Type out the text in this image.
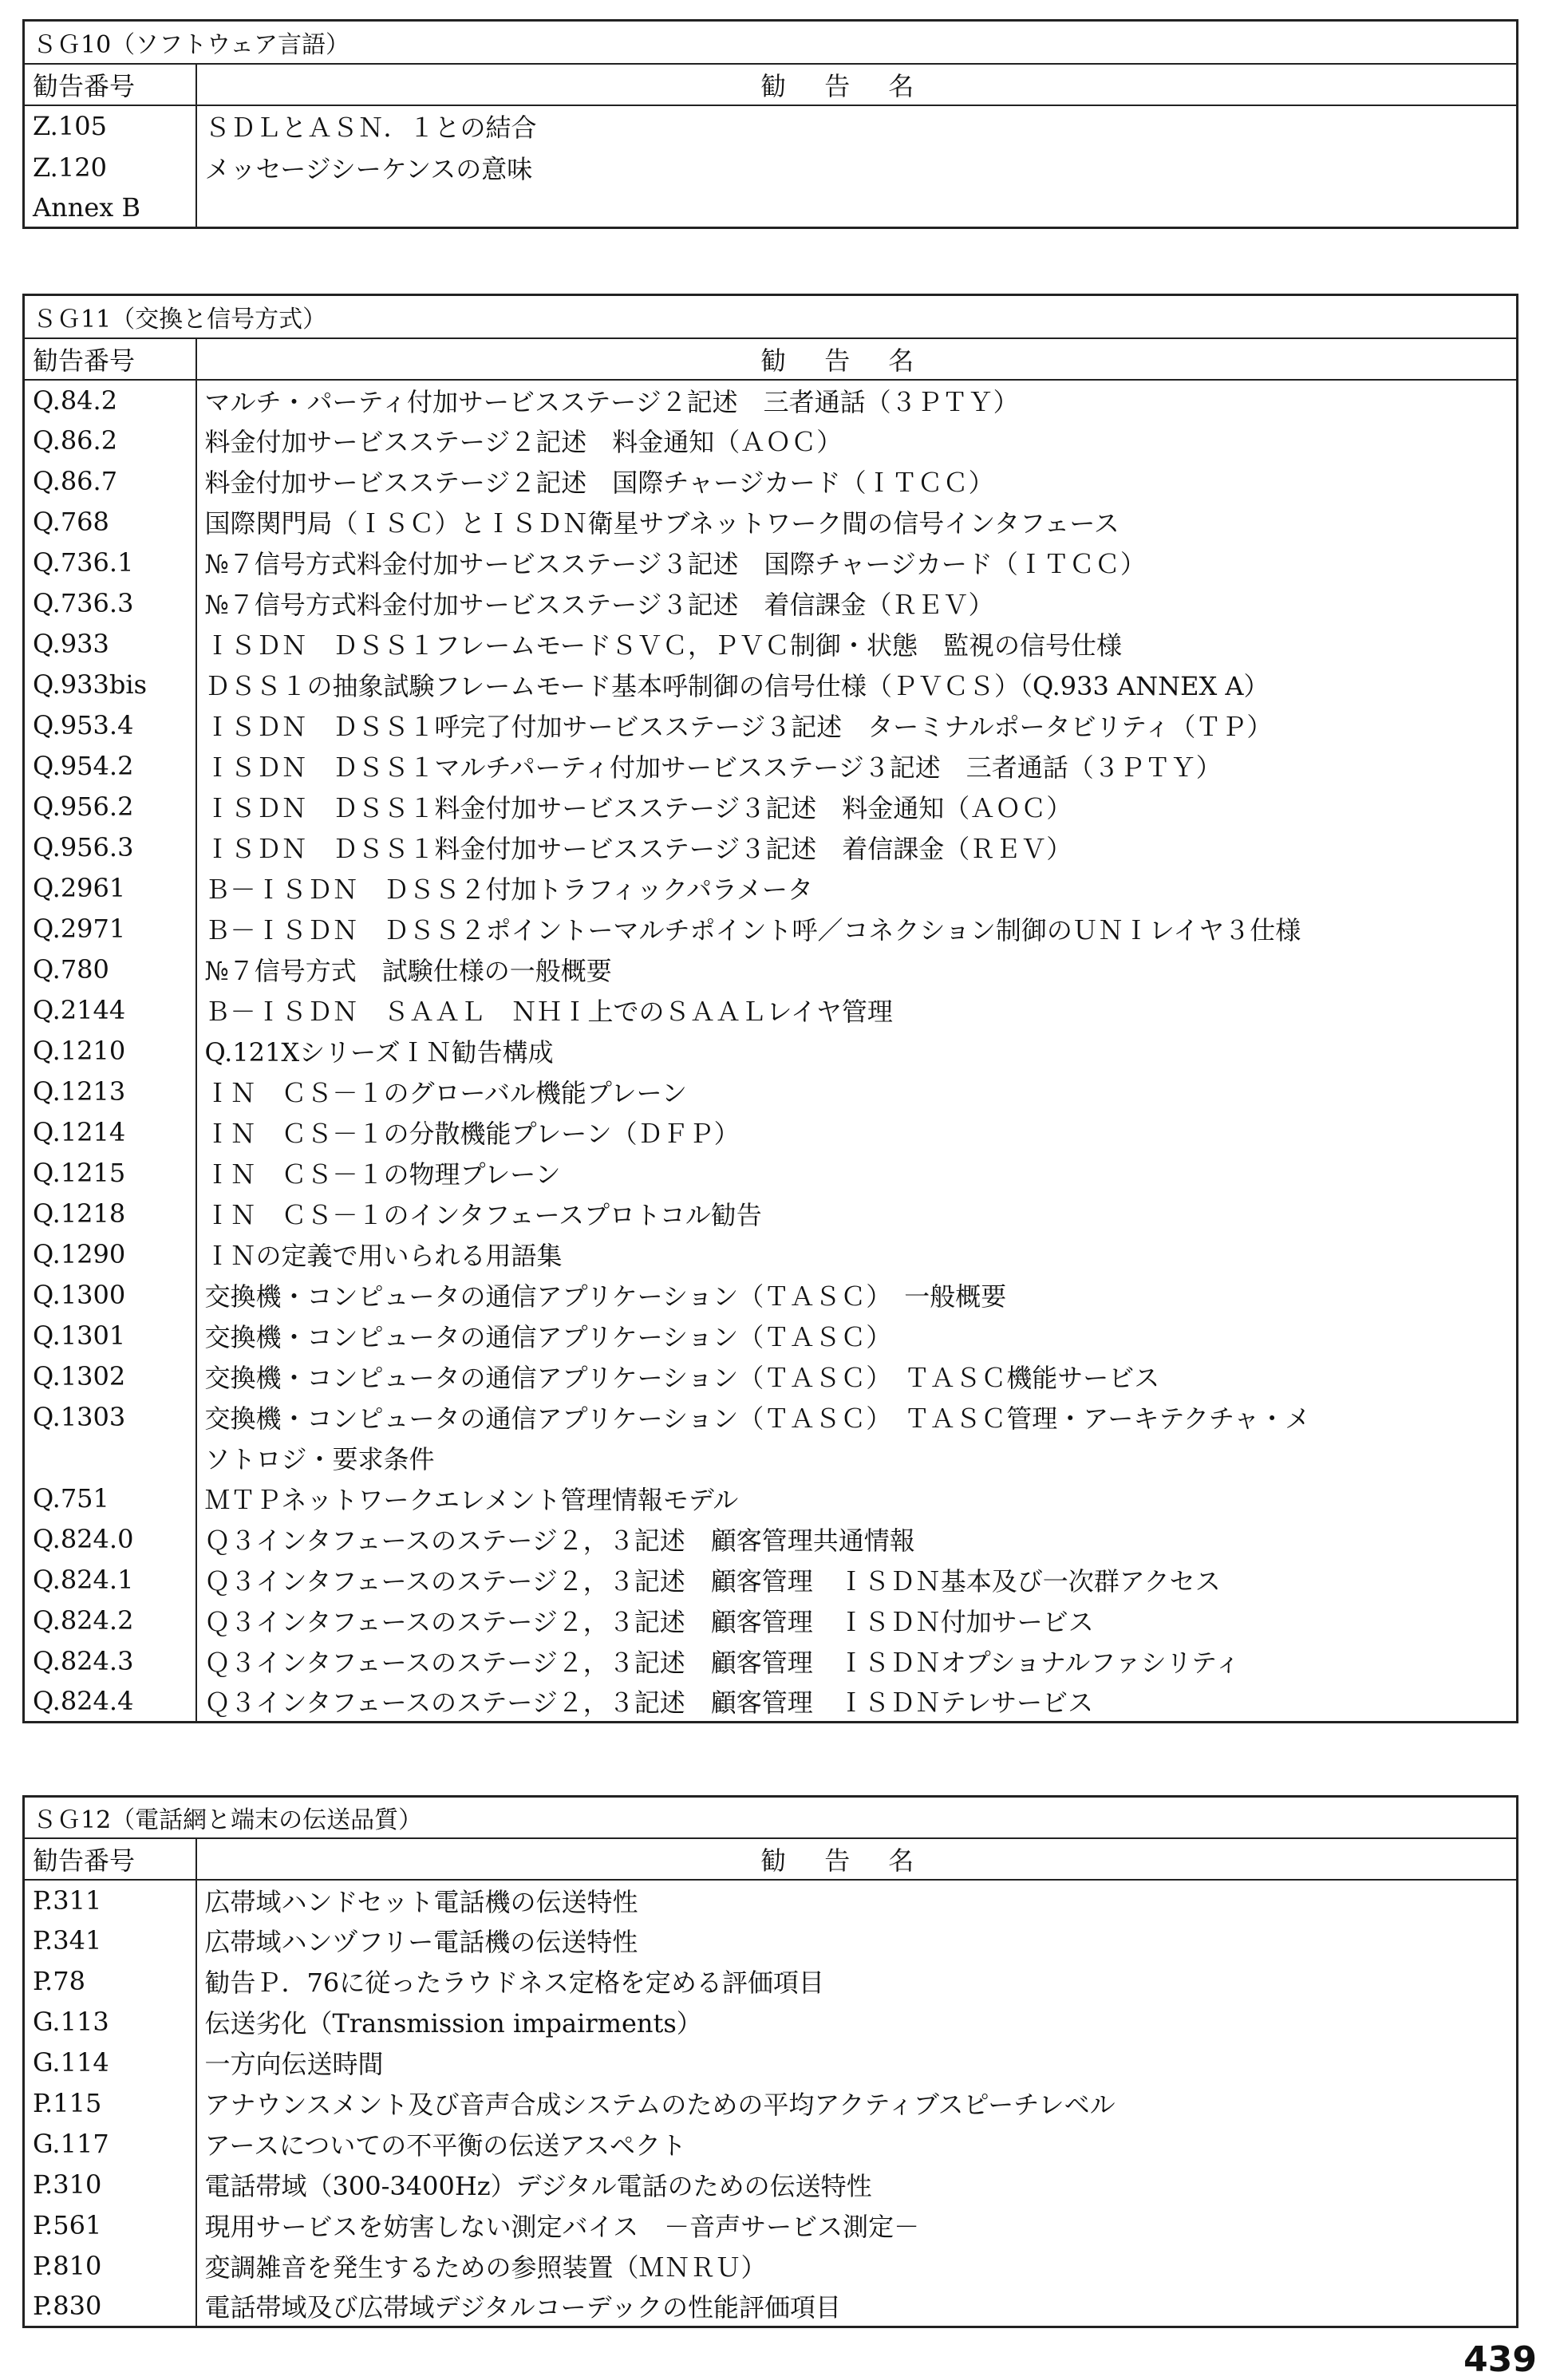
ＳＧ10（ソフトウェア言語）	
勧告番号	勧告名
Z.105	ＳＤＬとＡＳＮ．１との結合
Z.120	メッセージシーケンスの意味
Annex B	
ＳＧ11（交換と信号方式）	
勧告番号	勧告名
Q.84.2	マルチ・パーティ付加サービスステージ２記述　三者通話（３ＰＴＹ）
Q.86.2	料金付加サービスステージ２記述　料金通知（ＡＯＣ）
Q.86.7	料金付加サービスステージ２記述　国際チャージカード（ＩＴＣＣ）
Q.768	国際関門局（ＩＳＣ）とＩＳＤＮ衛星サブネットワーク間の信号インタフェース
Q.736.1	№７信号方式料金付加サービスステージ３記述　国際チャージカード（ＩＴＣＣ）
Q.736.3	№７信号方式料金付加サービスステージ３記述　着信課金（ＲＥＶ）
Q.933	ＩＳＤＮ　ＤＳＳ１フレームモードＳＶＣ，ＰＶＣ制御・状態　監視の信号仕様
Q.933bis	ＤＳＳ１の抽象試験フレームモード基本呼制御の信号仕様（ＰＶＣＳ）（Q.933 ANNEX A）
Q.953.4	ＩＳＤＮ　ＤＳＳ１呼完了付加サービスステージ３記述　ターミナルポータビリティ（ＴＰ）
Q.954.2	ＩＳＤＮ　ＤＳＳ１マルチパーティ付加サービスステージ３記述　三者通話（３ＰＴＹ）
Q.956.2	ＩＳＤＮ　ＤＳＳ１料金付加サービスステージ３記述　料金通知（ＡＯＣ）
Q.956.3	ＩＳＤＮ　ＤＳＳ１料金付加サービスステージ３記述　着信課金（ＲＥＶ）
Q.2961	Ｂ－ＩＳＤＮ　ＤＳＳ２付加トラフィックパラメータ
Q.2971	Ｂ－ＩＳＤＮ　ＤＳＳ２ポイントーマルチポイント呼／コネクション制御のＵＮＩレイヤ３仕様
Q.780	№７信号方式　試験仕様の一般概要
Q.2144	Ｂ－ＩＳＤＮ　ＳＡＡＬ　ＮＨＩ上でのＳＡＡＬレイヤ管理
Q.1210	Q.121XシリーズＩＮ勧告構成
Q.1213	ＩＮ　ＣＳ－１のグローバル機能プレーン
Q.1214	ＩＮ　ＣＳ－１の分散機能プレーン（ＤＦＰ）
Q.1215	ＩＮ　ＣＳ－１の物理プレーン
Q.1218	ＩＮ　ＣＳ－１のインタフェースプロトコル勧告
Q.1290	ＩＮの定義で用いられる用語集
Q.1300	交換機・コンピュータの通信アプリケーション（ＴＡＳＣ）　一般概要
Q.1301	交換機・コンピュータの通信アプリケーション（ＴＡＳＣ）
Q.1302	交換機・コンピュータの通信アプリケーション（ＴＡＳＣ）　ＴＡＳＣ機能サービス
Q.1303	交換機・コンピュータの通信アプリケーション（ＴＡＳＣ）　ＴＡＳＣ管理・アーキテクチャ・メ
	ソトロジ・要求条件
Q.751	ＭＴＰネットワークエレメント管理情報モデル
Q.824.0	Ｑ３インタフェースのステージ２，３記述　顧客管理共通情報
Q.824.1	Ｑ３インタフェースのステージ２，３記述　顧客管理　ＩＳＤＮ基本及び一次群アクセス
Q.824.2	Ｑ３インタフェースのステージ２，３記述　顧客管理　ＩＳＤＮ付加サービス
Q.824.3	Ｑ３インタフェースのステージ２，３記述　顧客管理　ＩＳＤＮオプショナルファシリティ
Q.824.4	Ｑ３インタフェースのステージ２，３記述　顧客管理　ＩＳＤＮテレサービス
ＳＧ12（電話網と端末の伝送品質）	
勧告番号	勧告名
P.311	広帯域ハンドセット電話機の伝送特性
P.341	広帯域ハンヅフリー電話機の伝送特性
P.78	勧告Ｐ．76に従ったラウドネス定格を定める評価項目
G.113	伝送劣化（Transmission impairments）
G.114	一方向伝送時間
P.115	アナウンスメント及び音声合成システムのための平均アクティブスピーチレベル
G.117	アースについての不平衡の伝送アスペクト
P.310	電話帯域（300-3400Hz）デジタル電話のための伝送特性
P.561	現用サービスを妨害しない測定バイス　－音声サービス測定－
P.810	変調雑音を発生するための参照装置（ＭＮＲＵ）
P.830	電話帯域及び広帯域デジタルコーデックの性能評価項目
439
